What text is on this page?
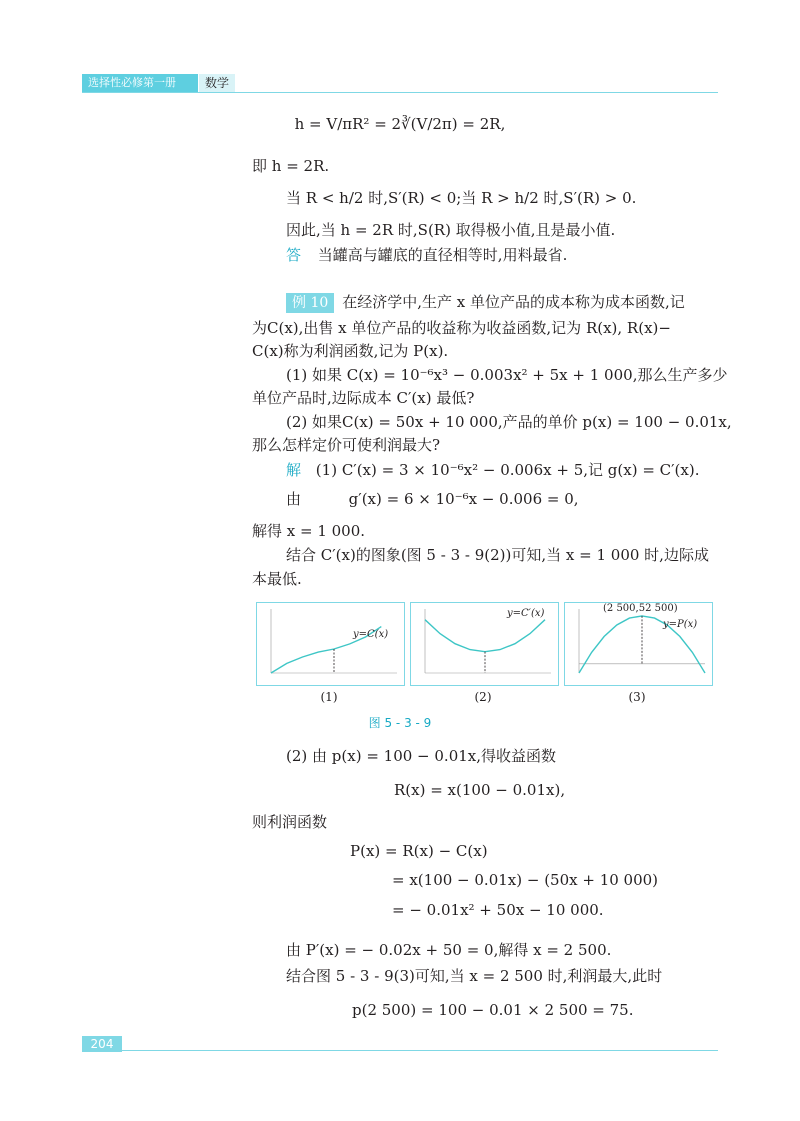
选择性必修第一册	数学
h = V/πR² = 2∛(V/2π) = 2R,
即 h = 2R.
当 R < h/2 时,S′(R) < 0;当 R > h/2 时,S′(R) > 0.
因此,当 h = 2R 时,S(R) 取得极小值,且是最小值.
答 当罐高与罐底的直径相等时,用料最省.
例 10 在经济学中,生产 x 单位产品的成本称为成本函数,记
为C(x),出售 x 单位产品的收益称为收益函数,记为 R(x), R(x)−
C(x)称为利润函数,记为 P(x).
(1) 如果 C(x) = 10⁻⁶x³ − 0.003x² + 5x + 1 000,那么生产多少
单位产品时,边际成本 C′(x) 最低?
(2) 如果C(x) = 50x + 10 000,产品的单价 p(x) = 100 − 0.01x,
那么怎样定价可使利润最大?
解 (1) C′(x) = 3 × 10⁻⁶x² − 0.006x + 5,记 g(x) = C′(x).
由          g′(x) = 6 × 10⁻⁶x − 0.006 = 0,
解得 x = 1 000.
结合 C′(x)的图象(图 5 - 3 - 9(2))可知,当 x = 1 000 时,边际成
本最低.
y=C(x)
y=C′(x)
y=P(x)
(2 500,52 500)
(1)	(2)	(3)
图 5 - 3 - 9
(2) 由 p(x) = 100 − 0.01x,得收益函数
R(x) = x(100 − 0.01x),
则利润函数
P(x) = R(x) − C(x)
= x(100 − 0.01x) − (50x + 10 000)
= − 0.01x² + 50x − 10 000.
由 P′(x) = − 0.02x + 50 = 0,解得 x = 2 500.
结合图 5 - 3 - 9(3)可知,当 x = 2 500 时,利润最大,此时
p(2 500) = 100 − 0.01 × 2 500 = 75.
204
